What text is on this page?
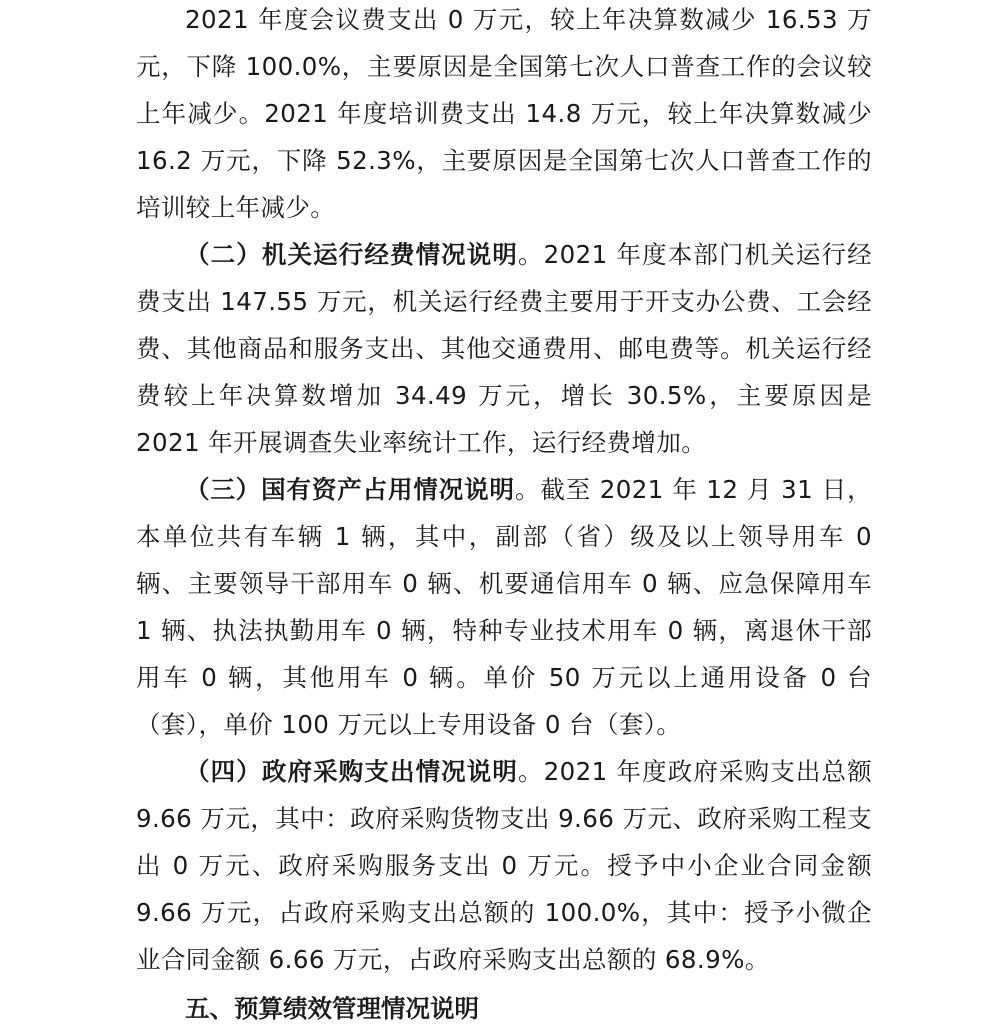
2021 年度会议费支出 0 万元，较上年决算数减少 16.53 万元，下降 100.0%，主要原因是全国第七次人口普查工作的会议较上年减少。2021 年度培训费支出 14.8 万元，较上年决算数减少 16.2 万元，下降 52.3%，主要原因是全国第七次人口普查工作的培训较上年减少。

（二）机关运行经费情况说明。2021 年度本部门机关运行经费支出 147.55 万元，机关运行经费主要用于开支办公费、工会经费、其他商品和服务支出、其他交通费用、邮电费等。机关运行经费较上年决算数增加 34.49 万元，增长 30.5%，主要原因是 2021 年开展调查失业率统计工作，运行经费增加。

（三）国有资产占用情况说明。截至 2021 年 12 月 31 日，本单位共有车辆 1 辆，其中，副部（省）级及以上领导用车 0 辆、主要领导干部用车 0 辆、机要通信用车 0 辆、应急保障用车 1 辆、执法执勤用车 0 辆，特种专业技术用车 0 辆，离退休干部用车 0 辆，其他用车 0 辆。单价 50 万元以上通用设备 0 台（套），单价 100 万元以上专用设备 0 台（套）。

（四）政府采购支出情况说明。2021 年度政府采购支出总额 9.66 万元，其中：政府采购货物支出 9.66 万元、政府采购工程支出 0 万元、政府采购服务支出 0 万元。授予中小企业合同金额 9.66 万元，占政府采购支出总额的 100.0%，其中：授予小微企业合同金额 6.66 万元，占政府采购支出总额的 68.9%。

五、预算绩效管理情况说明
